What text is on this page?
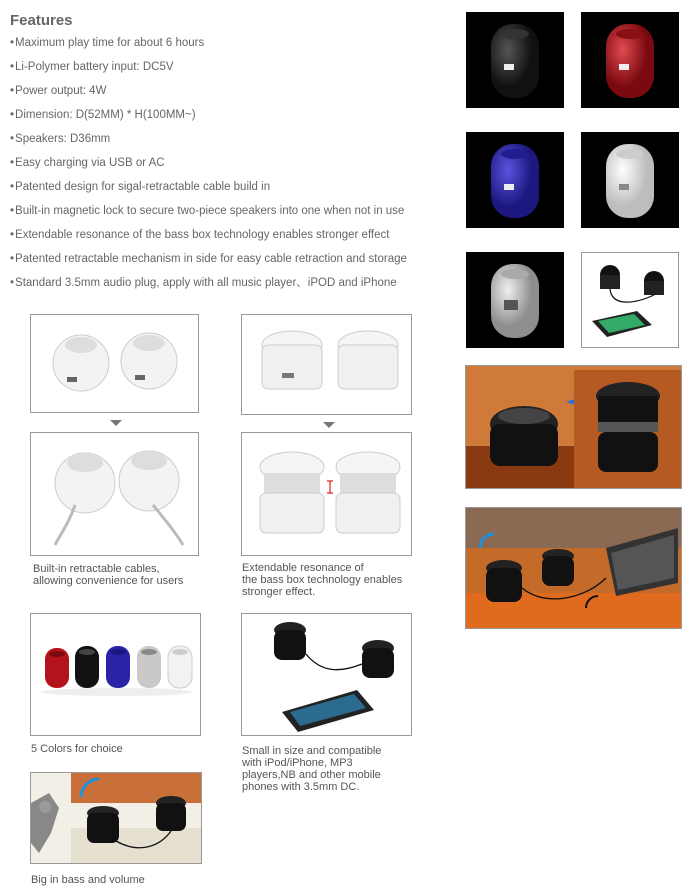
Features
• Maximum play time for about 6 hours
• Li-Polymer battery input: DC5V
• Power output: 4W
• Dimension: D(52MM) * H(100MM~)
• Speakers: D36mm
• Easy charging via USB or AC
• Patented design for sigal-retractable cable build in
• Built-in magnetic lock to secure two-piece speakers into one when not in use
• Extendable resonance of the bass box technology enables stronger effect
• Patented retractable mechanism in side for easy cable retraction and storage
• Standard 3.5mm audio plug, apply with all music player、iPOD and iPhone
Built-in retractable cables,
allowing convenience for users
Extendable resonance of
the bass box technology enables
stronger effect.
5 Colors for choice	Small in size and compatible
with iPod/iPhone, MP3
players,NB and other mobile
phones with 3.5mm DC.
Big in bass and volume
